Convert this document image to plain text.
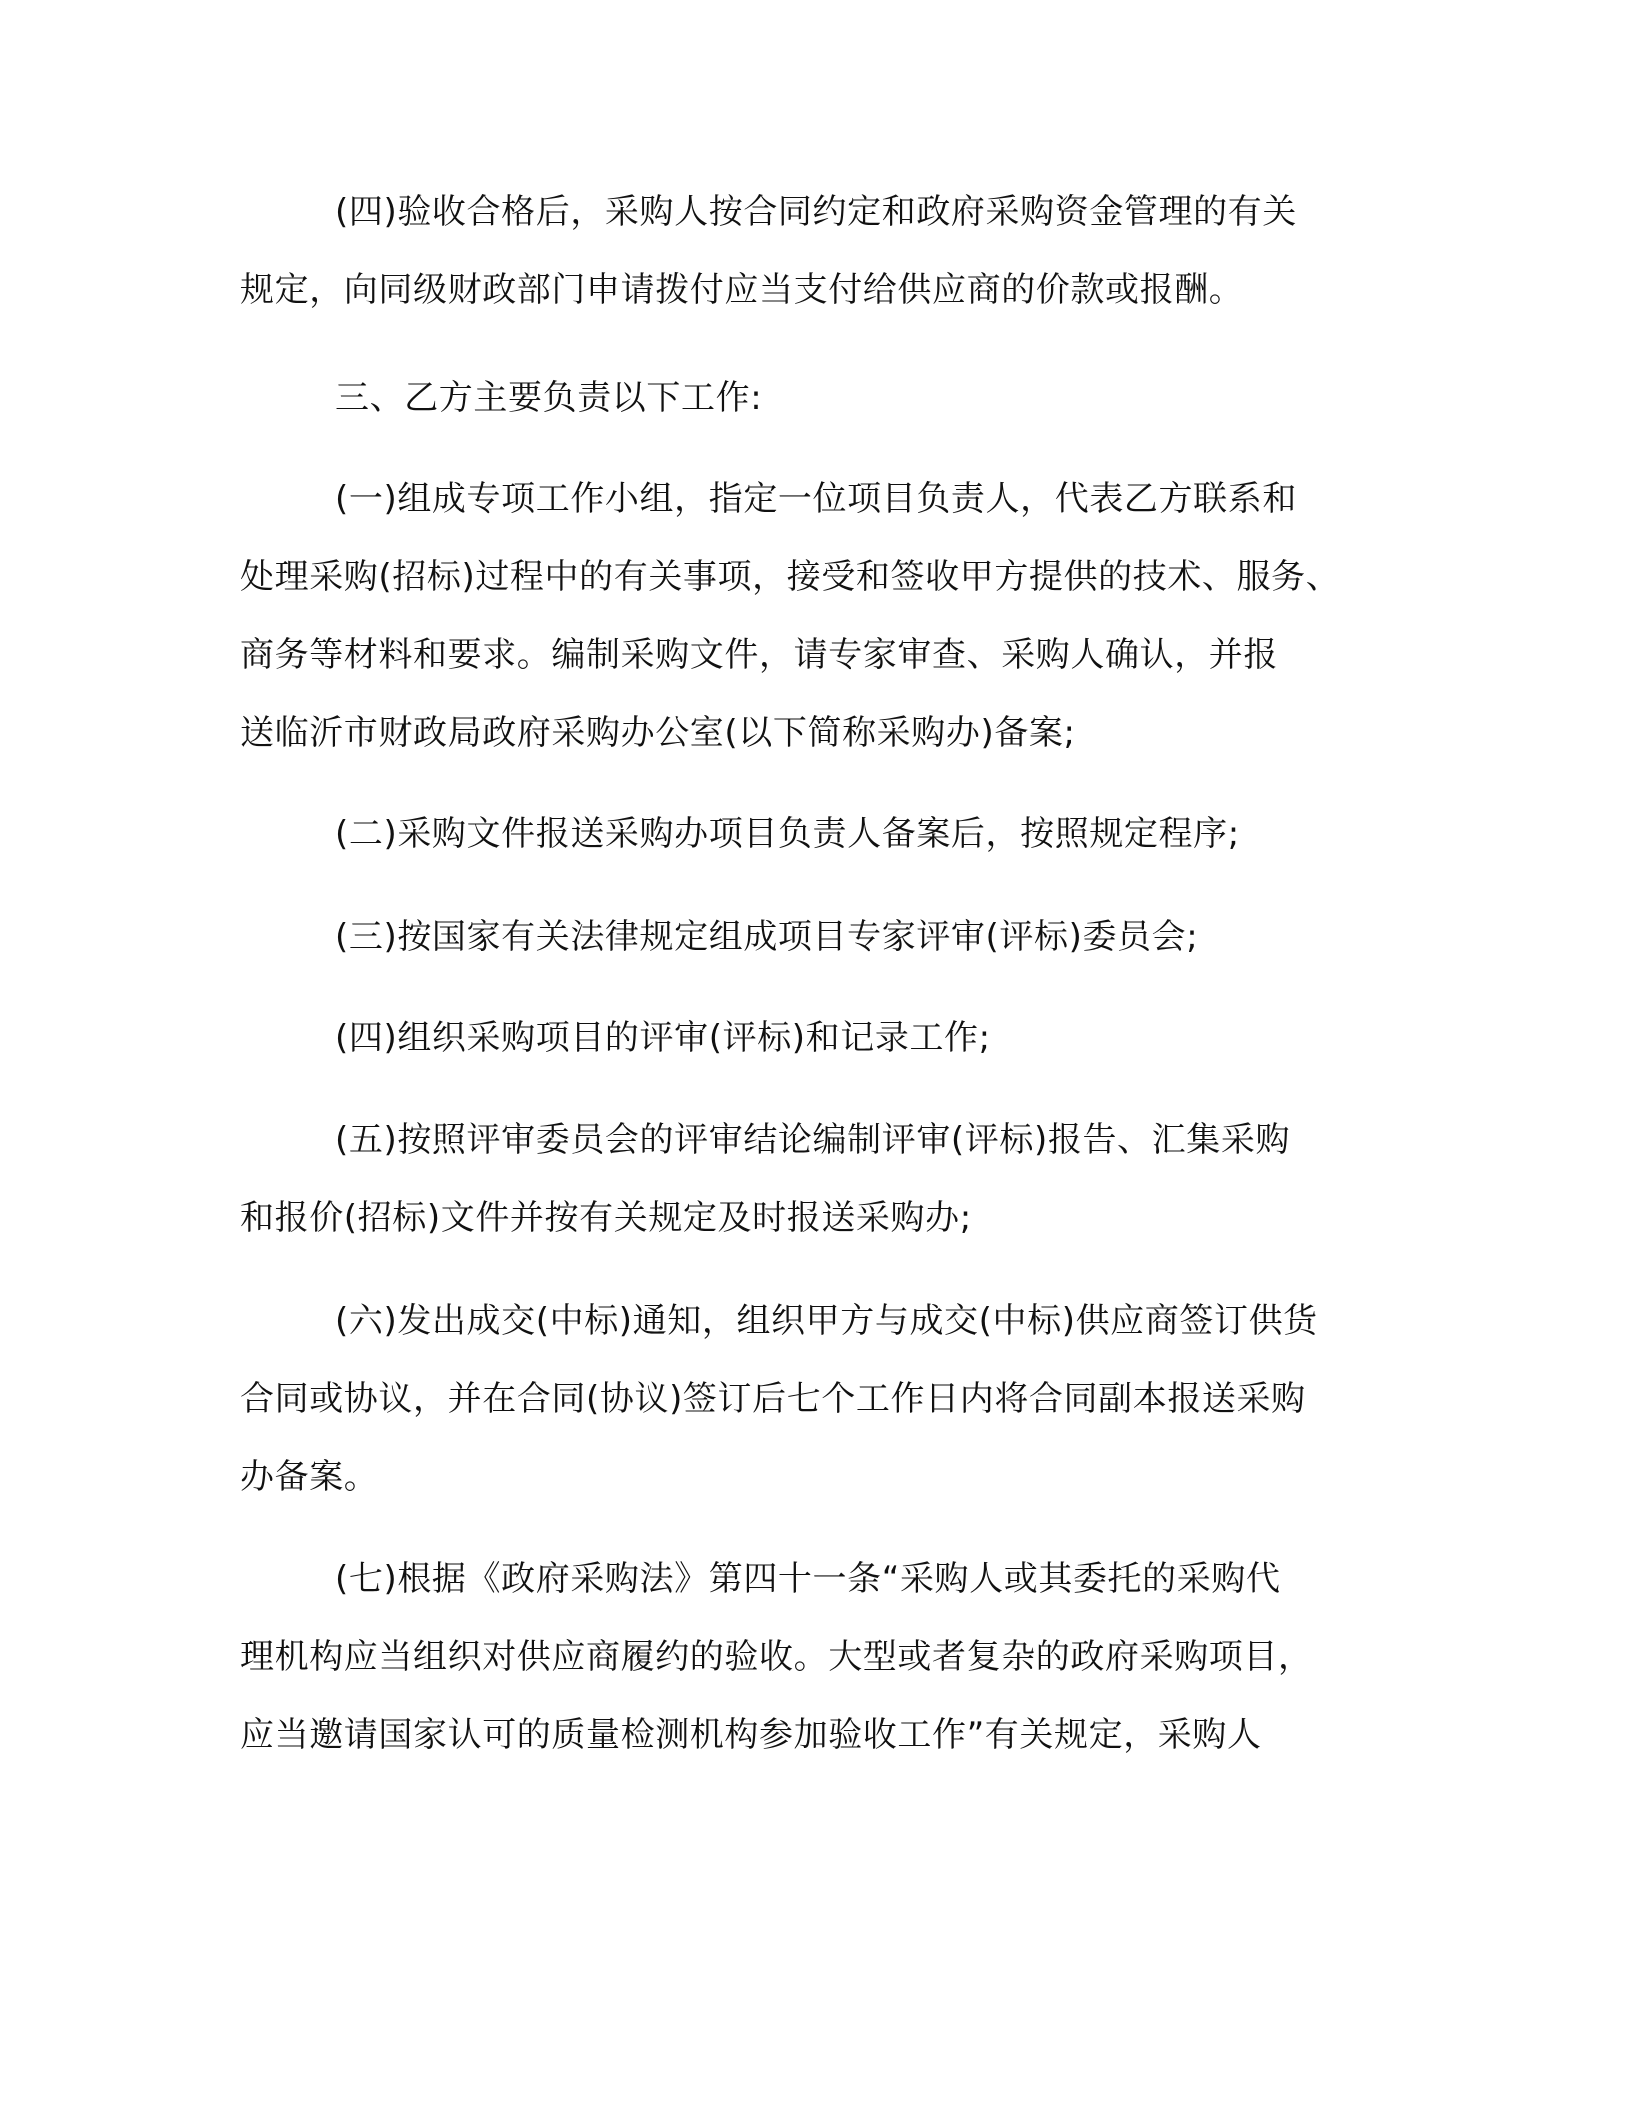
(四)验收合格后，采购人按合同约定和政府采购资金管理的有关

规定，向同级财政部门申请拨付应当支付给供应商的价款或报酬。

三、乙方主要负责以下工作:

(一)组成专项工作小组，指定一位项目负责人，代表乙方联系和

处理采购(招标)过程中的有关事项，接受和签收甲方提供的技术、服务、

商务等材料和要求。编制采购文件，请专家审查、采购人确认，并报

送临沂市财政局政府采购办公室(以下简称采购办)备案;

(二)采购文件报送采购办项目负责人备案后，按照规定程序;

(三)按国家有关法律规定组成项目专家评审(评标)委员会;

(四)组织采购项目的评审(评标)和记录工作;

(五)按照评审委员会的评审结论编制评审(评标)报告、汇集采购

和报价(招标)文件并按有关规定及时报送采购办;

(六)发出成交(中标)通知，组织甲方与成交(中标)供应商签订供货

合同或协议，并在合同(协议)签订后七个工作日内将合同副本报送采购

办备案。

(七)根据《政府采购法》第四十一条“采购人或其委托的采购代

理机构应当组织对供应商履约的验收。大型或者复杂的政府采购项目，

应当邀请国家认可的质量检测机构参加验收工作”有关规定，采购人
